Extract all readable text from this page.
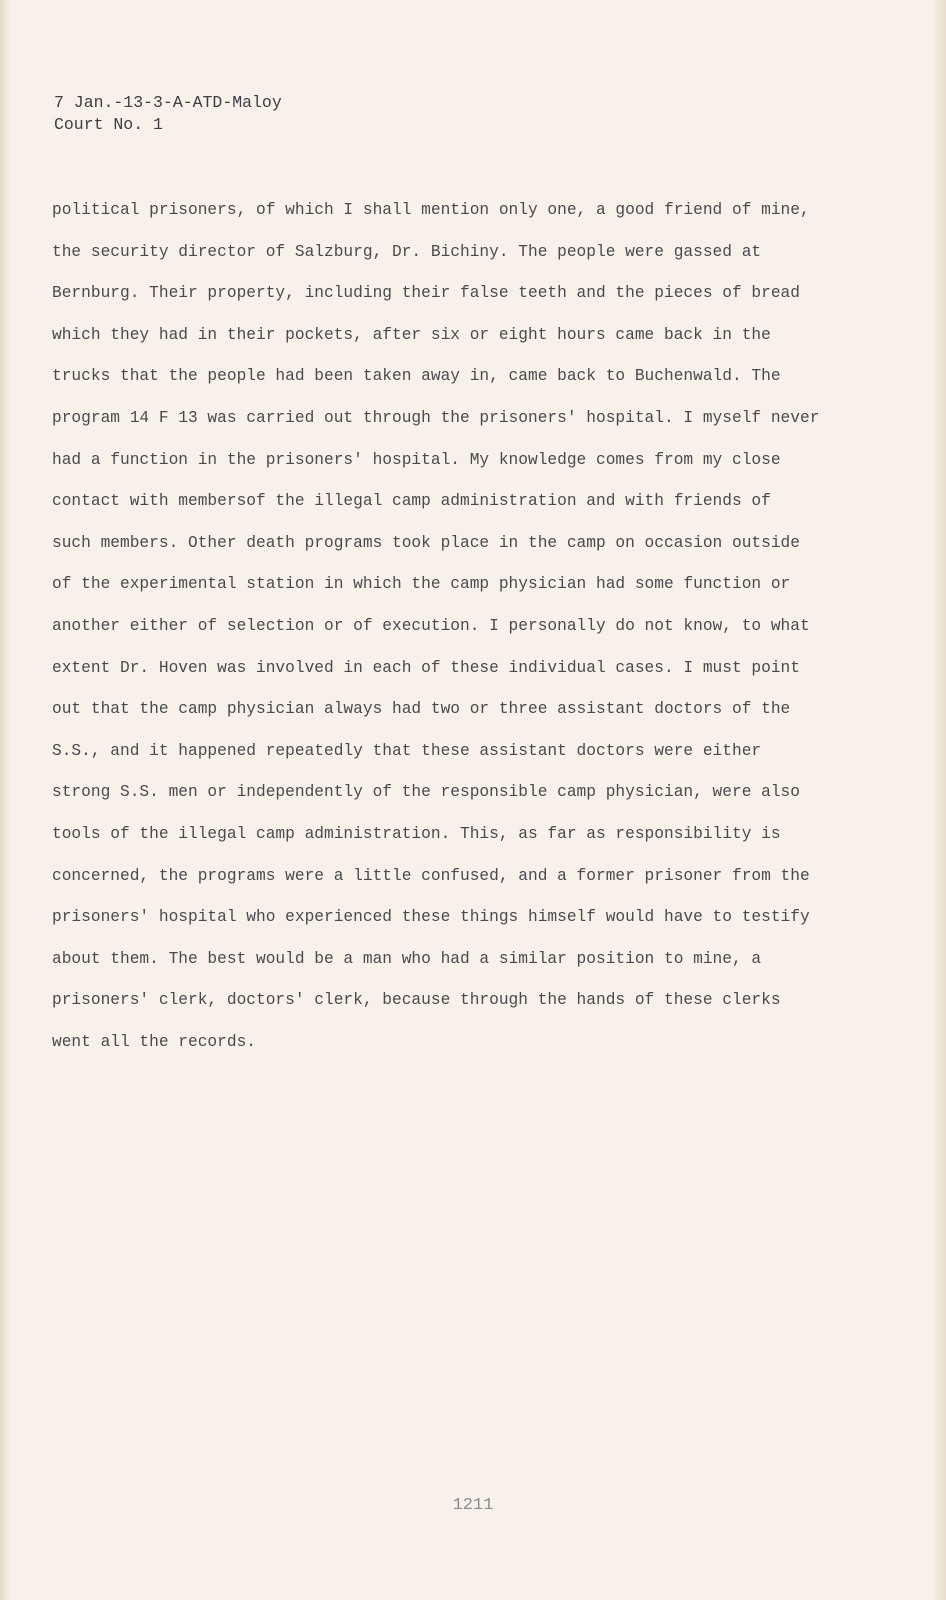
7 Jan.-13-3-A-ATD-Maloy
Court No. 1
political prisoners, of which I shall mention only one, a good friend of mine,
the security director of Salzburg, Dr. Bichiny. The people were gassed at
Bernburg. Their property, including their false teeth and the pieces of bread
which they had in their pockets, after six or eight hours came back in the
trucks that the people had been taken away in, came back to Buchenwald. The
program 14 F 13 was carried out through the prisoners' hospital. I myself never
had a function in the prisoners' hospital. My knowledge comes from my close
contact with membersof the illegal camp administration and with friends of
such members. Other death programs took place in the camp on occasion outside
of the experimental station in which the camp physician had some function or
another either of selection or of execution. I personally do not know, to what
extent Dr. Hoven was involved in each of these individual cases. I must point
out that the camp physician always had two or three assistant doctors of the
S.S., and it happened repeatedly that these assistant doctors were either
strong S.S. men or independently of the responsible camp physician, were also
tools of the illegal camp administration. This, as far as responsibility is
concerned, the programs were a little confused, and a former prisoner from the
prisoners' hospital who experienced these things himself would have to testify
about them. The best would be a man who had a similar position to mine, a
prisoners' clerk, doctors' clerk, because through the hands of these clerks
went all the records.
1211
